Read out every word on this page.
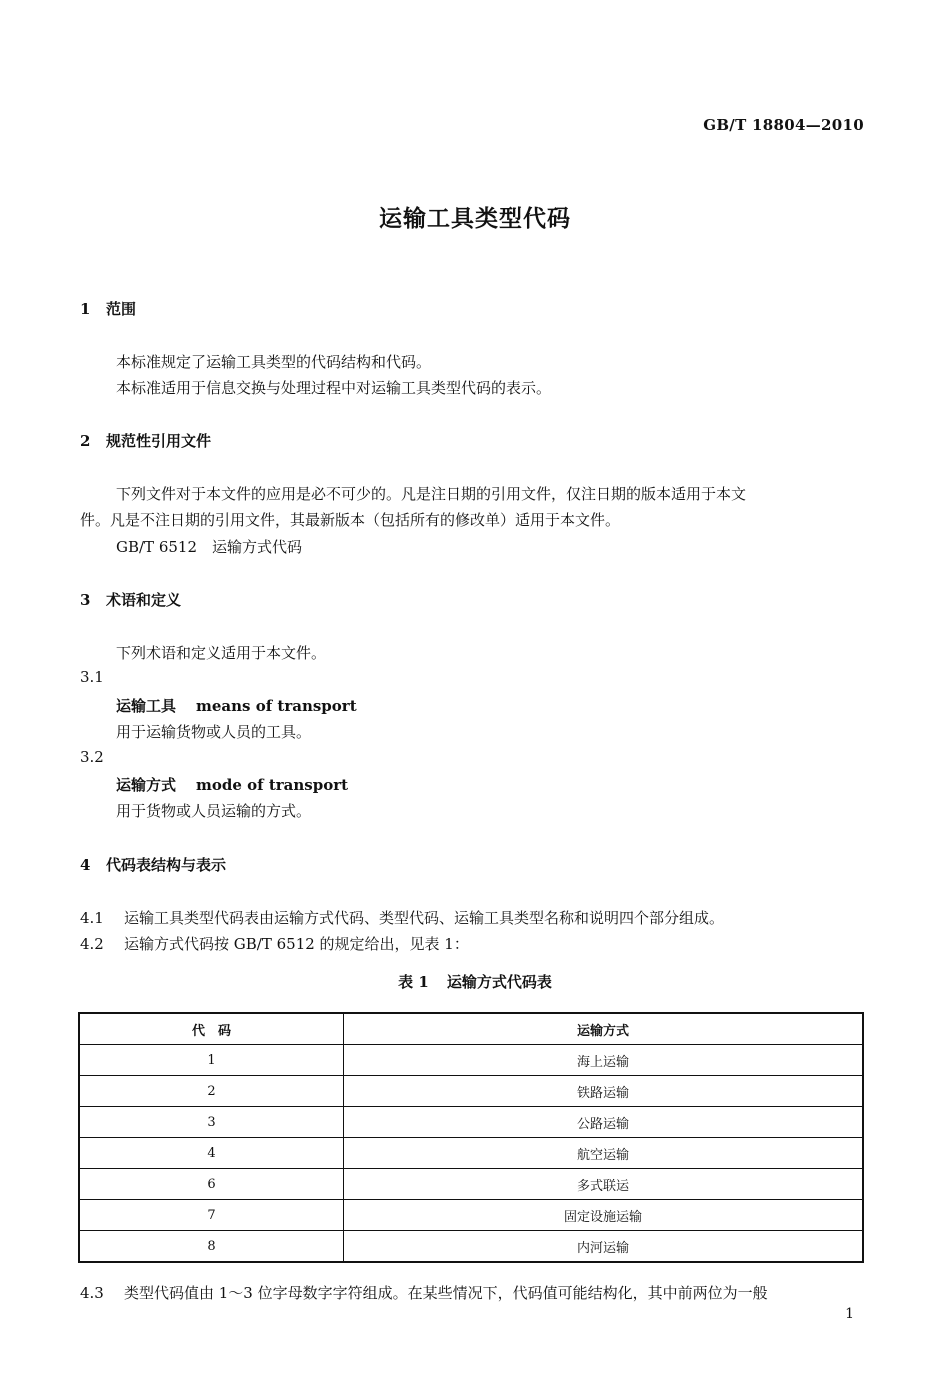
GB/T 18804—2010
运输工具类型代码
1 范围
本标准规定了运输工具类型的代码结构和代码。
本标准适用于信息交换与处理过程中对运输工具类型代码的表示。
2 规范性引用文件
下列文件对于本文件的应用是必不可少的。凡是注日期的引用文件，仅注日期的版本适用于本文
件。凡是不注日期的引用文件，其最新版本（包括所有的修改单）适用于本文件。
GB/T 6512　运输方式代码
3 术语和定义
下列术语和定义适用于本文件。
3.1
运输工具 means of transport
用于运输货物或人员的工具。
3.2
运输方式 mode of transport
用于货物或人员运输的方式。
4 代码表结构与表示
4.1 运输工具类型代码表由运输方式代码、类型代码、运输工具类型名称和说明四个部分组成。
4.2 运输方式代码按 GB/T 6512 的规定给出，见表 1：
表 1 运输方式代码表
代　码	运输方式
1	海上运输
2	铁路运输
3	公路运输
4	航空运输
6	多式联运
7	固定设施运输
8	内河运输
4.3 类型代码值由 1～3 位字母数字字符组成。在某些情况下，代码值可能结构化，其中前两位为一般
1
